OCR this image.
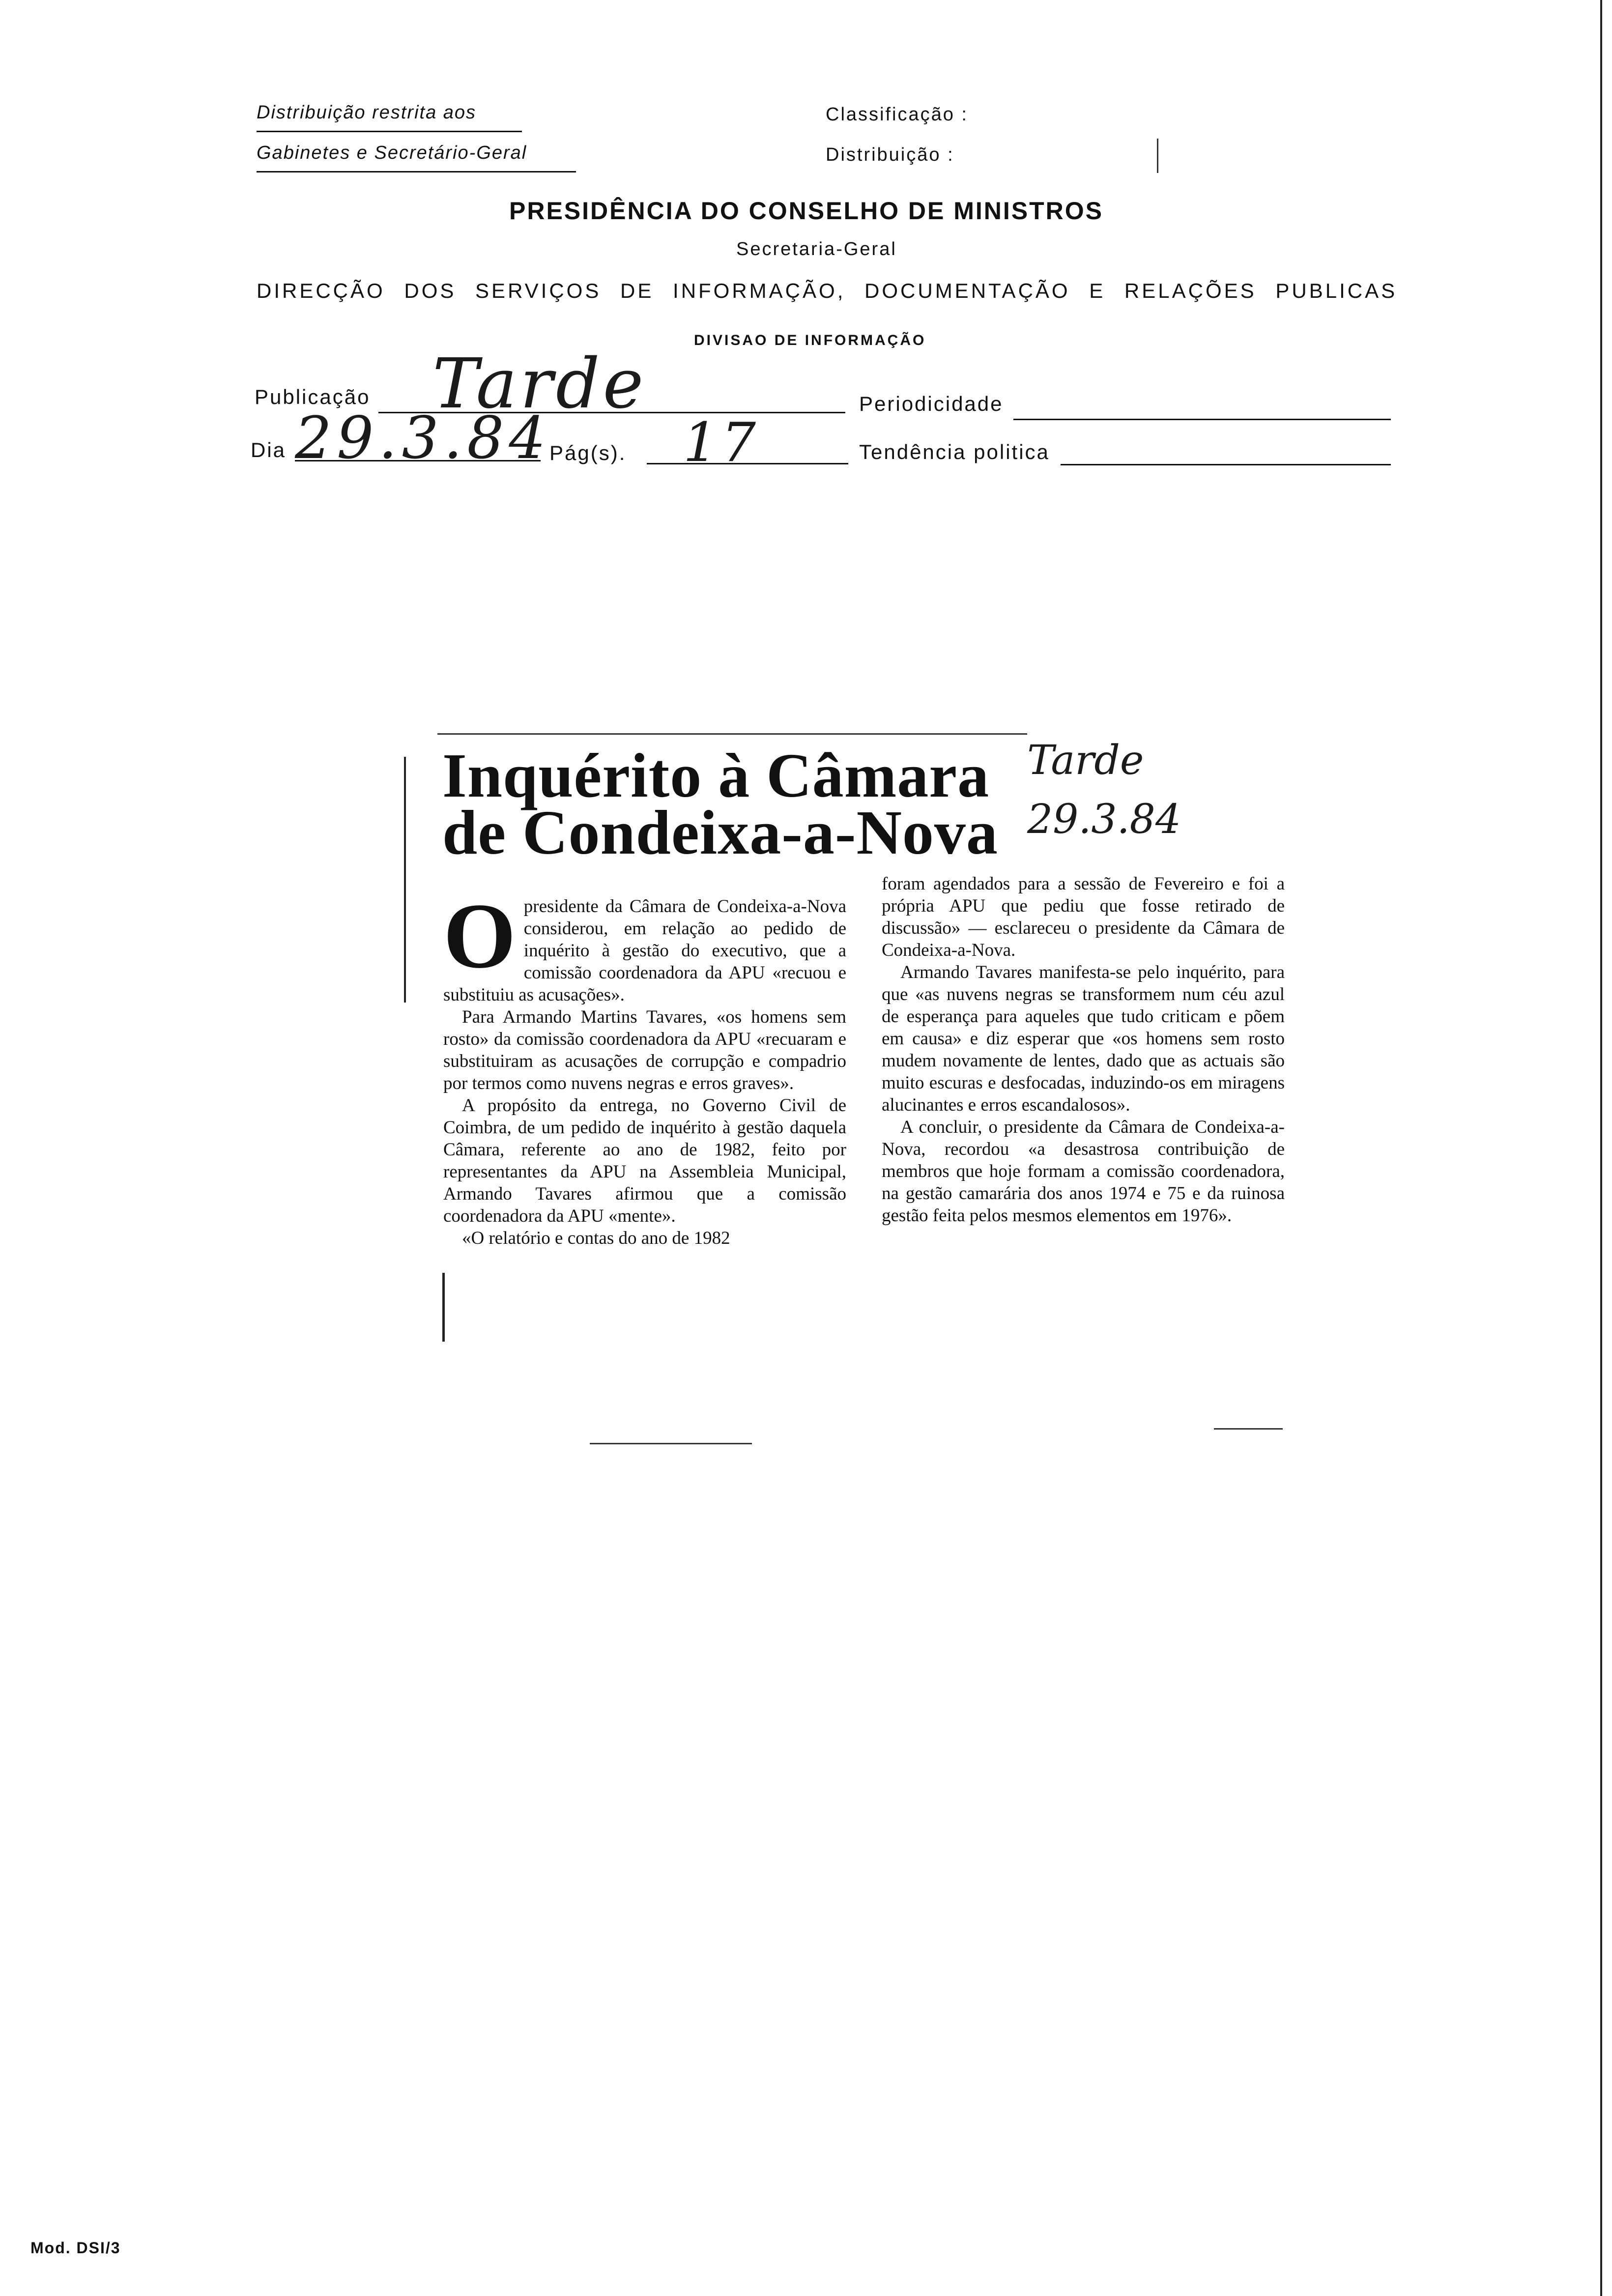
Distribuição restrita aos
Gabinetes e Secretário-Geral
Classificação :
Distribuição :
PRESIDÊNCIA DO CONSELHO DE MINISTROS
Secretaria-Geral
DIRECÇÃO DOS SERVIÇOS DE INFORMAÇÃO, DOCUMENTAÇÃO E RELAÇÕES PUBLICAS
DIVISAO DE INFORMAÇÃO
Publicação Tarde	Periodicidade
Dia 29.3.84
Pág(s). 17	Tendência politica
Inquérito à Câmara
de Condeixa-a-Nova
Tarde
29.3.84
O presidente da Câmara de Condeixa-a-Nova considerou, em relação ao pedido de inquérito à gestão do executivo, que a comissão coordenadora da APU «recuou e substituiu as acusações».

Para Armando Martins Tavares, «os homens sem rosto» da comissão coordenadora da APU «recuaram e substituiram as acusações de corrupção e compadrio por termos como nuvens negras e erros graves».

A propósito da entrega, no Governo Civil de Coimbra, de um pedido de inquérito à gestão daquela Câmara, referente ao ano de 1982, feito por representantes da APU na Assembleia Municipal, Armando Tavares afirmou que a comissão coordenadora da APU «mente».

«O relatório e contas do ano de 1982

foram agendados para a sessão de Fevereiro e foi a própria APU que pediu que fosse retirado de discussão» — esclareceu o presidente da Câmara de Condeixa-a-Nova.

Armando Tavares manifesta-se pelo inquérito, para que «as nuvens negras se transformem num céu azul de esperança para aqueles que tudo criticam e põem em causa» e diz esperar que «os homens sem rosto mudem novamente de lentes, dado que as actuais são muito escuras e desfocadas, induzindo-os em miragens alucinantes e erros escandalosos».

A concluir, o presidente da Câmara de Condeixa-a-Nova, recordou «a desastrosa contribuição de membros que hoje formam a comissão coordenadora, na gestão camarária dos anos 1974 e 75 e da ruinosa gestão feita pelos mesmos elementos em 1976».

Mod. DSI/3
